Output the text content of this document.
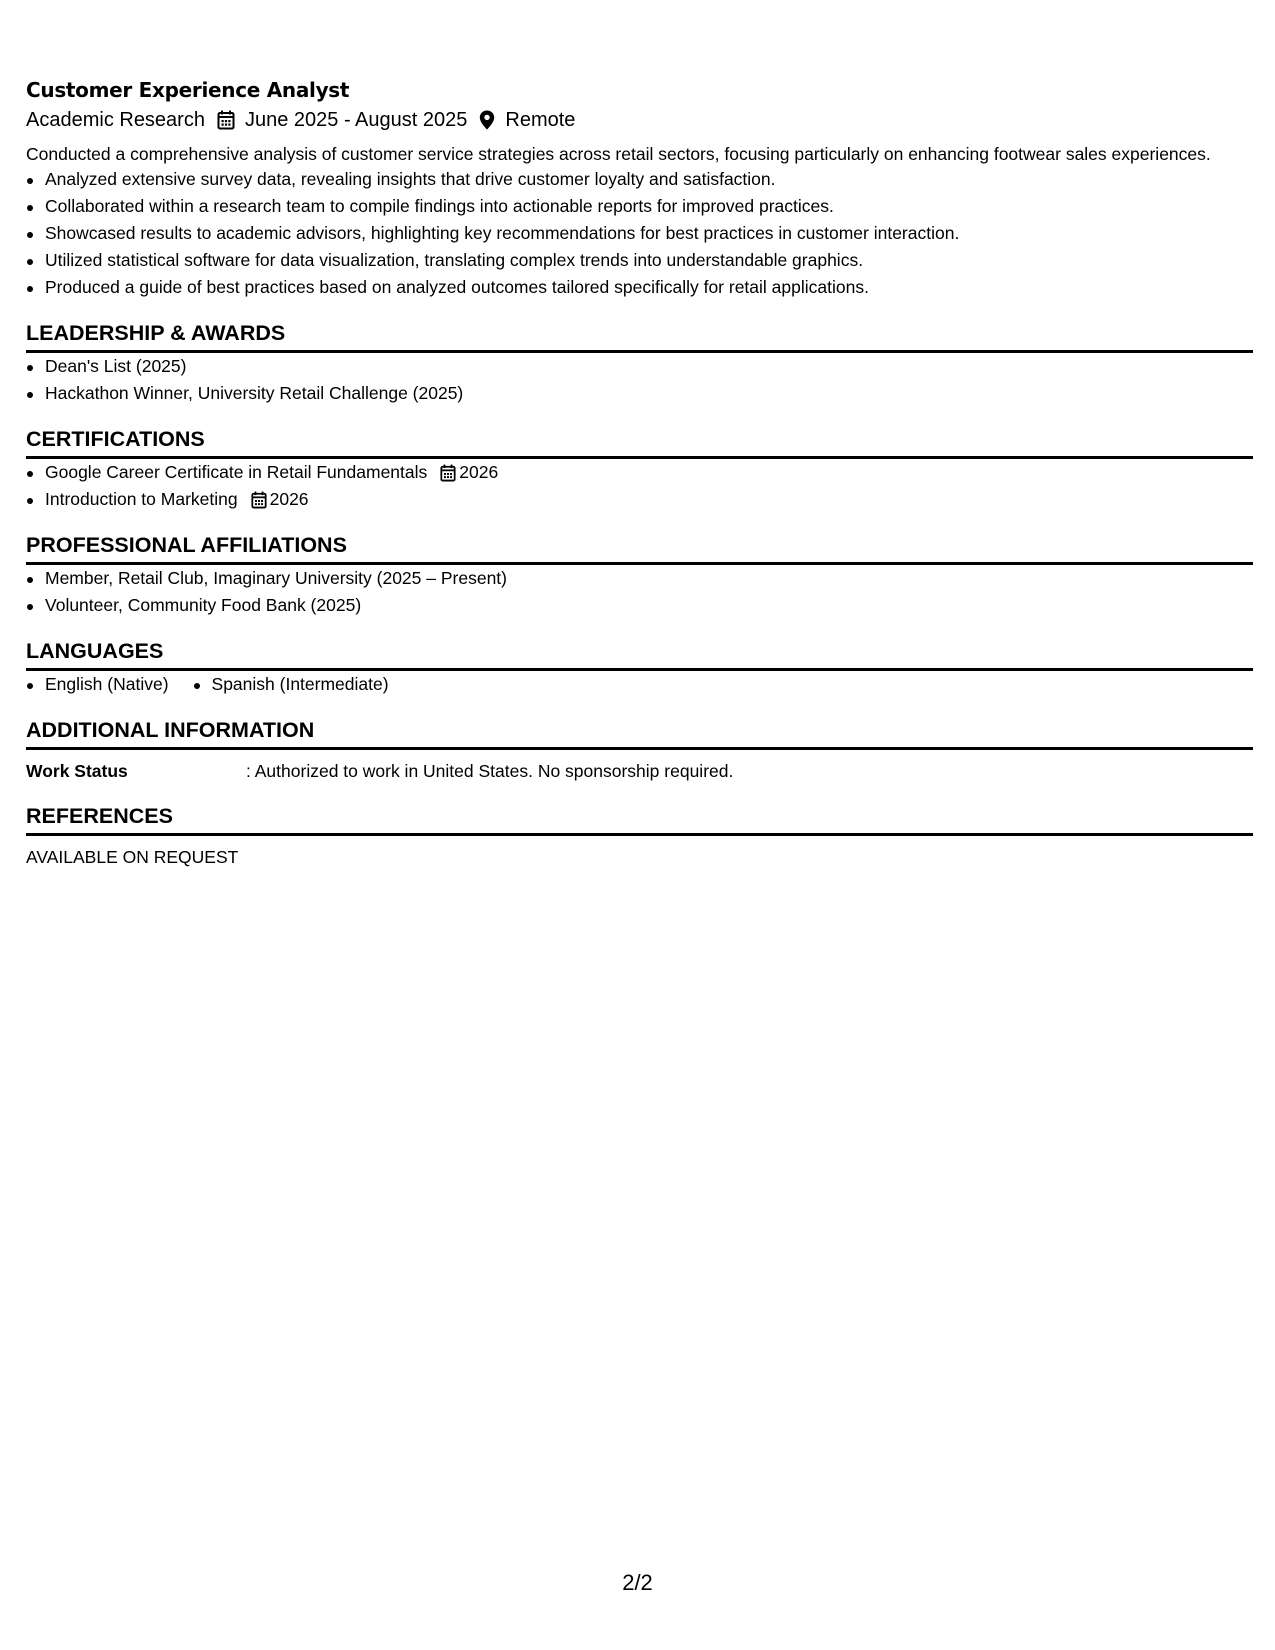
Customer Experience Analyst
Academic Research June 2025 - August 2025 Remote

Conducted a comprehensive analysis of customer service strategies across retail sectors, focusing particularly on enhancing footwear sales experiences.

Analyzed extensive survey data, revealing insights that drive customer loyalty and satisfaction.
Collaborated within a research team to compile findings into actionable reports for improved practices.
Showcased results to academic advisors, highlighting key recommendations for best practices in customer interaction.
Utilized statistical software for data visualization, translating complex trends into understandable graphics.
Produced a guide of best practices based on analyzed outcomes tailored specifically for retail applications.
LEADERSHIP & AWARDS
Dean's List (2025)
Hackathon Winner, University Retail Challenge (2025)
CERTIFICATIONS
Google Career Certificate in Retail Fundamentals 2026
Introduction to Marketing 2026
PROFESSIONAL AFFILIATIONS
Member, Retail Club, Imaginary University (2025 – Present)
Volunteer, Community Food Bank (2025)
LANGUAGES
English (Native)	Spanish (Intermediate)
ADDITIONAL INFORMATION
Work Status	: Authorized to work in United States. No sponsorship required.
REFERENCES
AVAILABLE ON REQUEST
2/2
